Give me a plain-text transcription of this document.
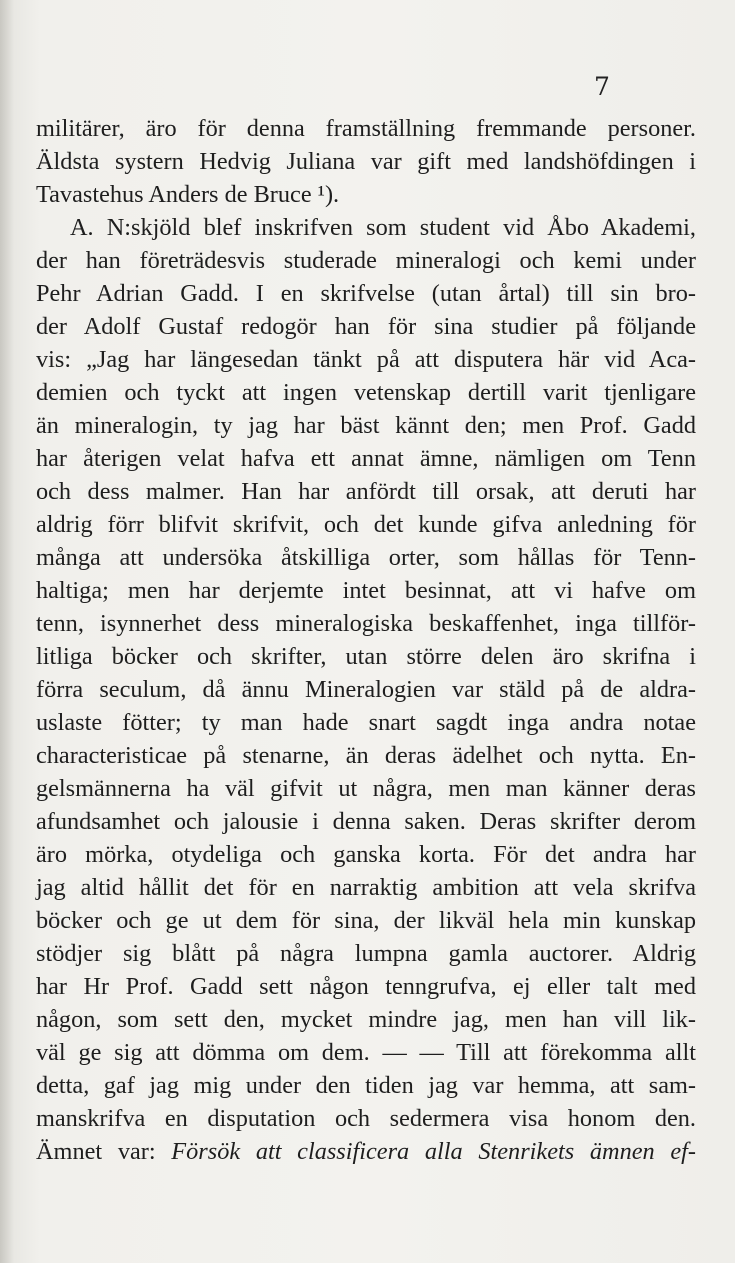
7
militärer, äro för denna framställning fremmande personer.
Äldsta systern Hedvig Juliana var gift med landshöfdingen i
Tavastehus Anders de Bruce ¹).
A. N:skjöld blef inskrifven som student vid Åbo Akademi,
der han företrädesvis studerade mineralogi och kemi under
Pehr Adrian Gadd. I en skrifvelse (utan årtal) till sin bro-
der Adolf Gustaf redogör han för sina studier på följande
vis: „Jag har längesedan tänkt på att disputera här vid Aca-
demien och tyckt att ingen vetenskap dertill varit tjenligare
än mineralogin, ty jag har bäst kännt den; men Prof. Gadd
har återigen velat hafva ett annat ämne, nämligen om Tenn
och dess malmer. Han har anfördt till orsak, att deruti har
aldrig förr blifvit skrifvit, och det kunde gifva anledning för
många att undersöka åtskilliga orter, som hållas för Tenn-
haltiga; men har derjemte intet besinnat, att vi hafve om
tenn, isynnerhet dess mineralogiska beskaffenhet, inga tillför-
litliga böcker och skrifter, utan större delen äro skrifna i
förra seculum, då ännu Mineralogien var stäld på de aldra-
uslaste fötter; ty man hade snart sagdt inga andra notae
characteristicae på stenarne, än deras ädelhet och nytta. En-
gelsmännerna ha väl gifvit ut några, men man känner deras
afundsamhet och jalousie i denna saken. Deras skrifter derom
äro mörka, otydeliga och ganska korta. För det andra har
jag altid hållit det för en narraktig ambition att vela skrifva
böcker och ge ut dem för sina, der likväl hela min kunskap
stödjer sig blått på några lumpna gamla auctorer. Aldrig
har Hr Prof. Gadd sett någon tenngrufva, ej eller talt med
någon, som sett den, mycket mindre jag, men han vill lik-
väl ge sig att dömma om dem. — — Till att förekomma allt
detta, gaf jag mig under den tiden jag var hemma, att sam-
manskrifva en disputation och sedermera visa honom den.
Ämnet var: Försök att classificera alla Stenrikets ämnen ef-
